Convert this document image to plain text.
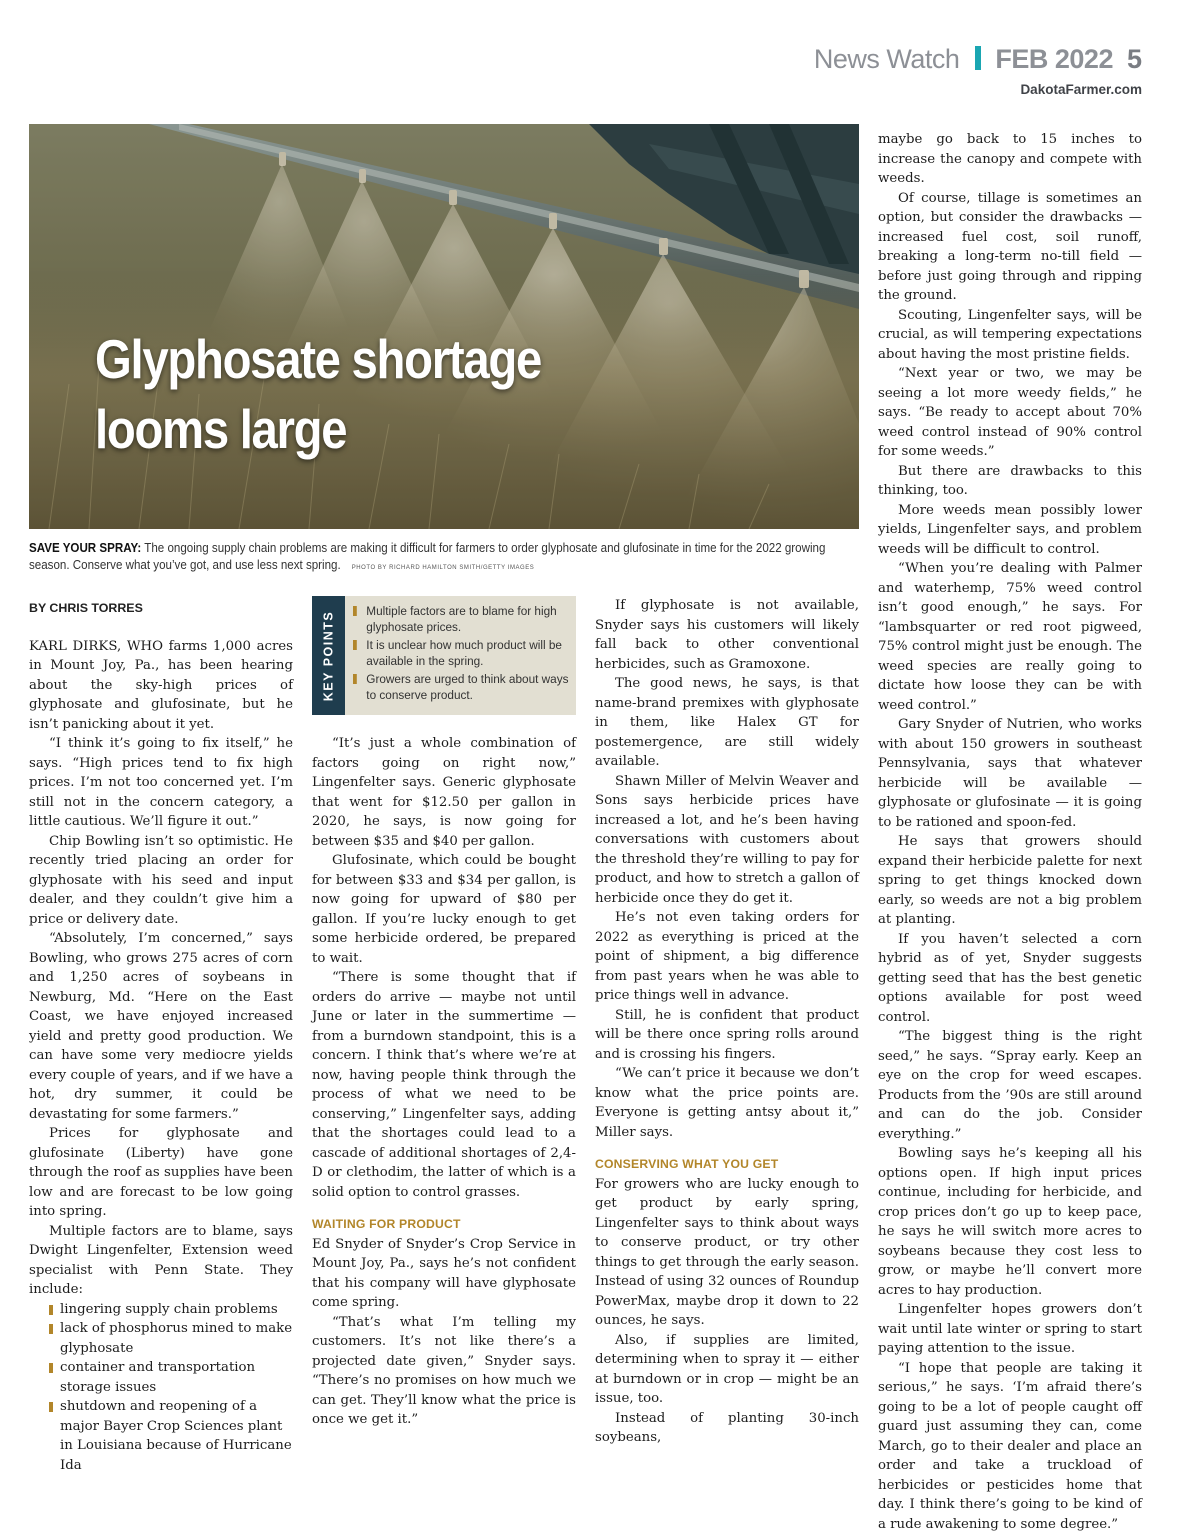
News Watch FEB 2022 5
DakotaFarmer.com
Glyphosate shortage
looms large
SAVE YOUR SPRAY: The ongoing supply chain problems are making it difficult for farmers to order glyphosate and glufosinate in time for the 2022 growing season. Conserve what you’ve got, and use less next spring. PHOTO BY RICHARD HAMILTON SMITH/GETTY IMAGES
BY CHRIS TORRES

KARL DIRKS, WHO farms 1,000 acres in Mount Joy, Pa., has been hearing about the sky-high prices of glyphosate and glufosinate, but he isn’t panicking about it yet.

“I think it’s going to fix itself,” he says. “High prices tend to fix high prices. I’m not too concerned yet. I’m still not in the concern category, a little cautious. We’ll figure it out.”

Chip Bowling isn’t so optimistic. He recently tried placing an order for glyphosate with his seed and input dealer, and they couldn’t give him a price or delivery date.

“Absolutely, I’m concerned,” says Bowling, who grows 275 acres of corn and 1,250 acres of soybeans in Newburg, Md. “Here on the East Coast, we have enjoyed increased yield and pretty good production. We can have some very mediocre yields every couple of years, and if we have a hot, dry summer, it could be devastating for some farmers.”

Prices for glyphosate and glufosinate (Liberty) have gone through the roof as supplies have been low and are forecast to be low going into spring.

Multiple factors are to blame, says Dwight Lingenfelter, Extension weed specialist with Penn State. They include:

lingering supply chain problems
lack of phosphorus mined to make glyphosate
container and transportation storage issues
shutdown and reopening of a major Bayer Crop Sciences plant in Louisiana because of Hurricane Ida
KEY POINTS	Multiple factors are to blame for high glyphosate prices.
It is unclear how much product will be available in the spring.
Growers are urged to think about ways to conserve product.

“It’s just a whole combination of factors going on right now,” Lingenfelter says. Generic glyphosate that went for $12.50 per gallon in 2020, he says, is now going for between $35 and $40 per gallon.

Glufosinate, which could be bought for between $33 and $34 per gallon, is now going for upward of $80 per gallon. If you’re lucky enough to get some herbicide ordered, be prepared to wait.

“There is some thought that if orders do arrive — maybe not until June or later in the summertime — from a burndown standpoint, this is a concern. I think that’s where we’re at now, having people think through the process of what we need to be conserving,” Lingenfelter says, adding that the shortages could lead to a cascade of additional shortages of 2,4-D or clethodim, the latter of which is a solid option to control grasses.

WAITING FOR PRODUCT

Ed Snyder of Snyder’s Crop Service in Mount Joy, Pa., says he’s not confident that his company will have glyphosate come spring.

“That’s what I’m telling my customers. It’s not like there’s a projected date given,” Snyder says. “There’s no promises on how much we can get. They’ll know what the price is once we get it.”

If glyphosate is not available, Snyder says his customers will likely fall back to other conventional herbicides, such as Gramoxone.

The good news, he says, is that name-brand premixes with glyphosate in them, like Halex GT for postemergence, are still widely available.

Shawn Miller of Melvin Weaver and Sons says herbicide prices have increased a lot, and he’s been having conversations with customers about the threshold they’re willing to pay for product, and how to stretch a gallon of herbicide once they do get it.

He’s not even taking orders for 2022 as everything is priced at the point of shipment, a big difference from past years when he was able to price things well in advance.

Still, he is confident that product will be there once spring rolls around and is crossing his fingers.

“We can’t price it because we don’t know what the price points are. Everyone is getting antsy about it,” Miller says.

CONSERVING WHAT YOU GET

For growers who are lucky enough to get product by early spring, Lingenfelter says to think about ways to conserve product, or try other things to get through the early season. Instead of using 32 ounces of Roundup PowerMax, maybe drop it down to 22 ounces, he says.

Also, if supplies are limited, determining when to spray it — either at burndown or in crop — might be an issue, too.

Instead of planting 30-inch soybeans,

maybe go back to 15 inches to increase the canopy and compete with weeds.

Of course, tillage is sometimes an option, but consider the drawbacks — increased fuel cost, soil runoff, breaking a long-term no-till field — before just going through and ripping the ground.

Scouting, Lingenfelter says, will be crucial, as will tempering expectations about having the most pristine fields.

“Next year or two, we may be seeing a lot more weedy fields,” he says. “Be ready to accept about 70% weed control instead of 90% control for some weeds.”

But there are drawbacks to this thinking, too.

More weeds mean possibly lower yields, Lingenfelter says, and problem weeds will be difficult to control.

“When you’re dealing with Palmer and waterhemp, 75% weed control isn’t good enough,” he says. For “lambsquarter or red root pigweed, 75% control might just be enough. The weed species are really going to dictate how loose they can be with weed control.”

Gary Snyder of Nutrien, who works with about 150 growers in southeast Pennsylvania, says that whatever herbicide will be available — glyphosate or glufosinate — it is going to be rationed and spoon-fed.

He says that growers should expand their herbicide palette for next spring to get things knocked down early, so weeds are not a big problem at planting.

If you haven’t selected a corn hybrid as of yet, Snyder suggests getting seed that has the best genetic options available for post weed control.

“The biggest thing is the right seed,” he says. “Spray early. Keep an eye on the crop for weed escapes. Products from the ’90s are still around and can do the job. Consider everything.”

Bowling says he’s keeping all his options open. If high input prices continue, including for herbicide, and crop prices don’t go up to keep pace, he says he will switch more acres to soybeans because they cost less to grow, or maybe he’ll convert more acres to hay production.

Lingenfelter hopes growers don’t wait until late winter or spring to start paying attention to the issue.

“I hope that people are taking it serious,” he says. ‘I’m afraid there’s going to be a lot of people caught off guard just assuming they can, come March, go to their dealer and place an order and take a truckload of herbicides or pesticides home that day. I think there’s going to be kind of a rude awakening to some degree.”
